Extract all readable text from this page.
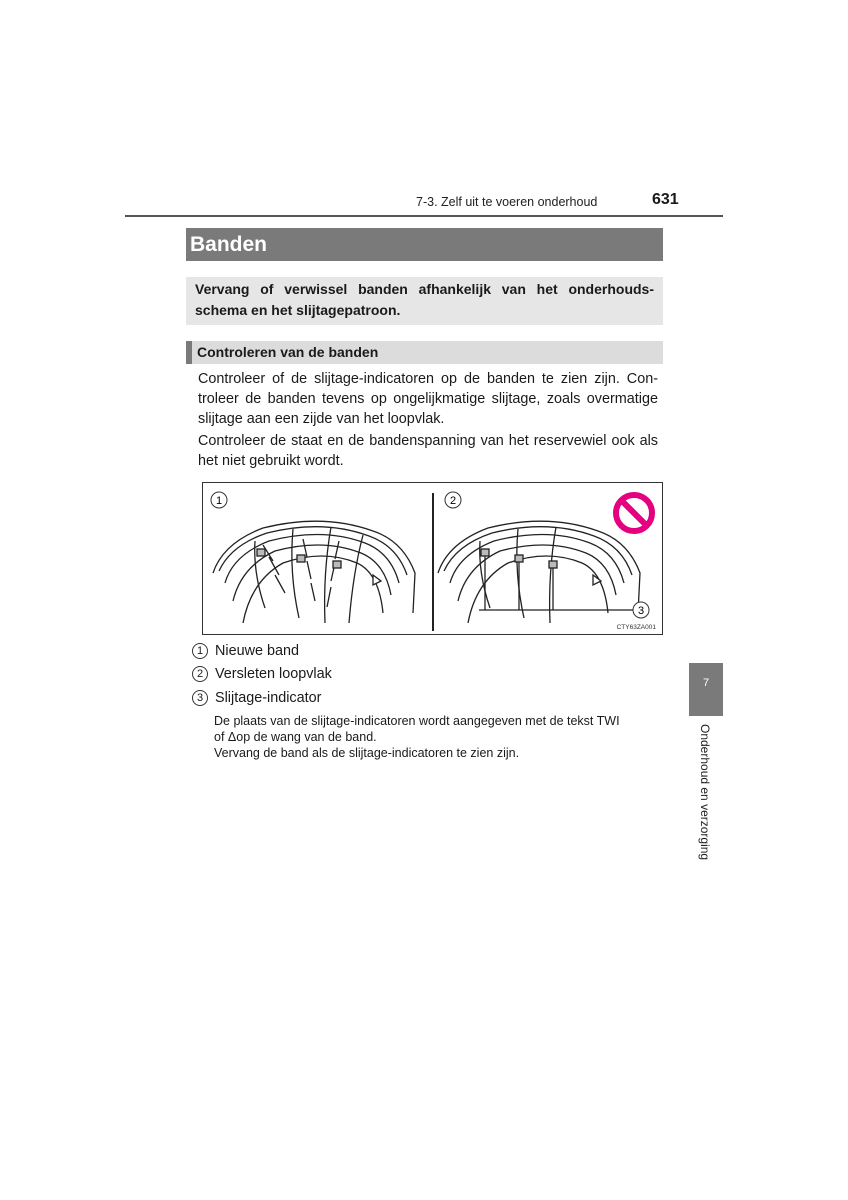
7-3. Zelf uit te voeren onderhoud	631
Banden
Vervang of verwissel banden afhankelijk van het onderhouds-schema en het slijtagepatroon.
Controleren van de banden

Controleer of de slijtage-indicatoren op de banden te zien zijn. Con-troleer de banden tevens op ongelijkmatige slijtage, zoals overmatige slijtage aan een zijde van het loopvlak.

Controleer de staat en de bandenspanning van het reservewiel ook als het niet gebruikt wordt.

1	2
3
CTY63ZA001
1 Nieuwe band
2 Versleten loopvlak
3 Slijtage-indicator
De plaats van de slijtage-indicatoren wordt aangegeven met de tekst TWI
of Δop de wang van de band.
Vervang de band als de slijtage-indicatoren te zien zijn.
7
Onderhoud en verzorging
